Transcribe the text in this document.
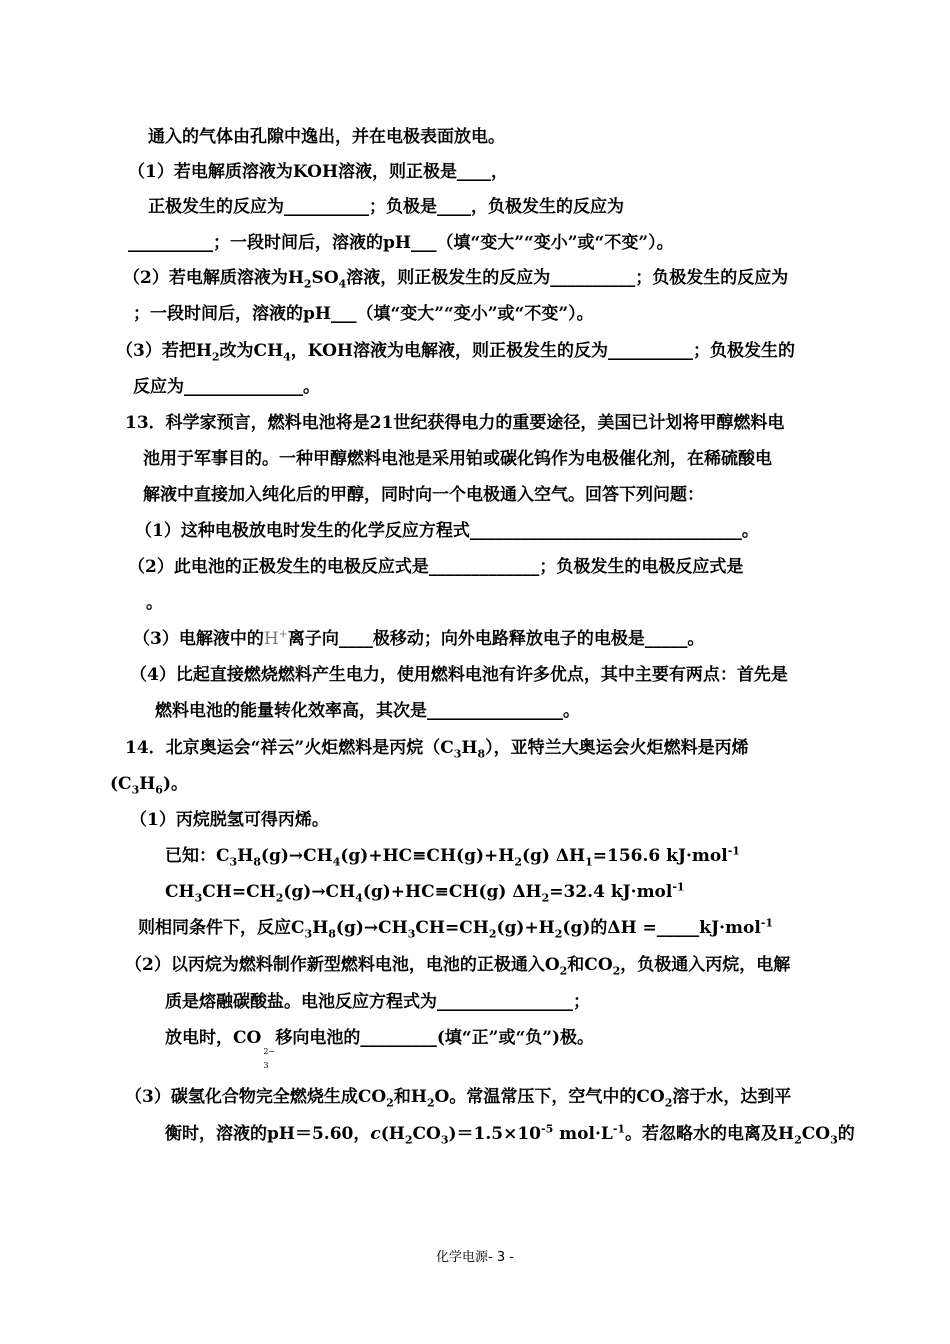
通入的气体由孔隙中逸出，并在电极表面放电。
（1）若电解质溶液为KOH溶液，则正极是____，
正极发生的反应为__________；负极是____，负极发生的反应为
__________；一段时间后，溶液的pH___（填“变大”“变小”或“不变”）。
（2）若电解质溶液为$H_2SO_4$溶液，则正极发生的反应为__________；负极发生的反应为
；一段时间后，溶液的pH___（填“变大”“变小”或“不变”）。
（3）若把$H_2$改为$CH_4$，KOH溶液为电解液，则正极发生的反为__________；负极发生的
反应为______________。
13．科学家预言，燃料电池将是21世纪获得电力的重要途径，美国已计划将甲醇燃料电
池用于军事目的。一种甲醇燃料电池是采用铂或碳化钨作为电极催化剂，在稀硫酸电
解液中直接加入纯化后的甲醇，同时向一个电极通入空气。回答下列问题：
（1）这种电极放电时发生的化学反应方程式________________________________。
（2）此电池的正极发生的电极反应式是_____________；负极发生的电极反应式是
。
（3）电解液中的H+离子向____极移动；向外电路释放电子的电极是_____。
（4）比起直接燃烧燃料产生电力，使用燃料电池有许多优点，其中主要有两点：首先是
燃料电池的能量转化效率高，其次是________________。
14．北京奥运会“祥云”火炬燃料是丙烷$(C_3H_8)$，亚特兰大奥运会火炬燃料是丙烯
$(C_3H_6)$。
（1）丙烷脱氢可得丙烯。
已知：$C_3H_8(g)\to CH_4(g)+HC\equiv CH(g)+H_2(g)$ $\Delta H_1=156.6$ kJ·mol$^{-1}$
$CH_3CH=CH_2(g)\to CH_4(g)+HC\equiv CH(g)$ $\Delta H_2=32.4$ kJ·mol$^{-1}$
则相同条件下，反应$C_3H_8(g)\to CH_3CH=CH_2(g)+H_2(g)$的ΔH =_____kJ·mol$^{-1}$
（2）以丙烷为燃料制作新型燃料电池，电池的正极通入$O_2$和$CO_2$，负极通入丙烷，电解
质是熔融碳酸盐。电池反应方程式为________________；
放电时，CO
2−
3
移向电池的_________(填“正”或“负”)极。
（3）碳氢化合物完全燃烧生成$CO_2$和$H_2O$。常温常压下，空气中的$CO_2$溶于水，达到平
衡时，溶液的pH＝5.60，$c(H_2CO_3)=1.5\times 10^{-5}$ $mol\cdot L^{-1}$。若忽略水的电离及$H_2CO_3$的
化学电源- 3 -
